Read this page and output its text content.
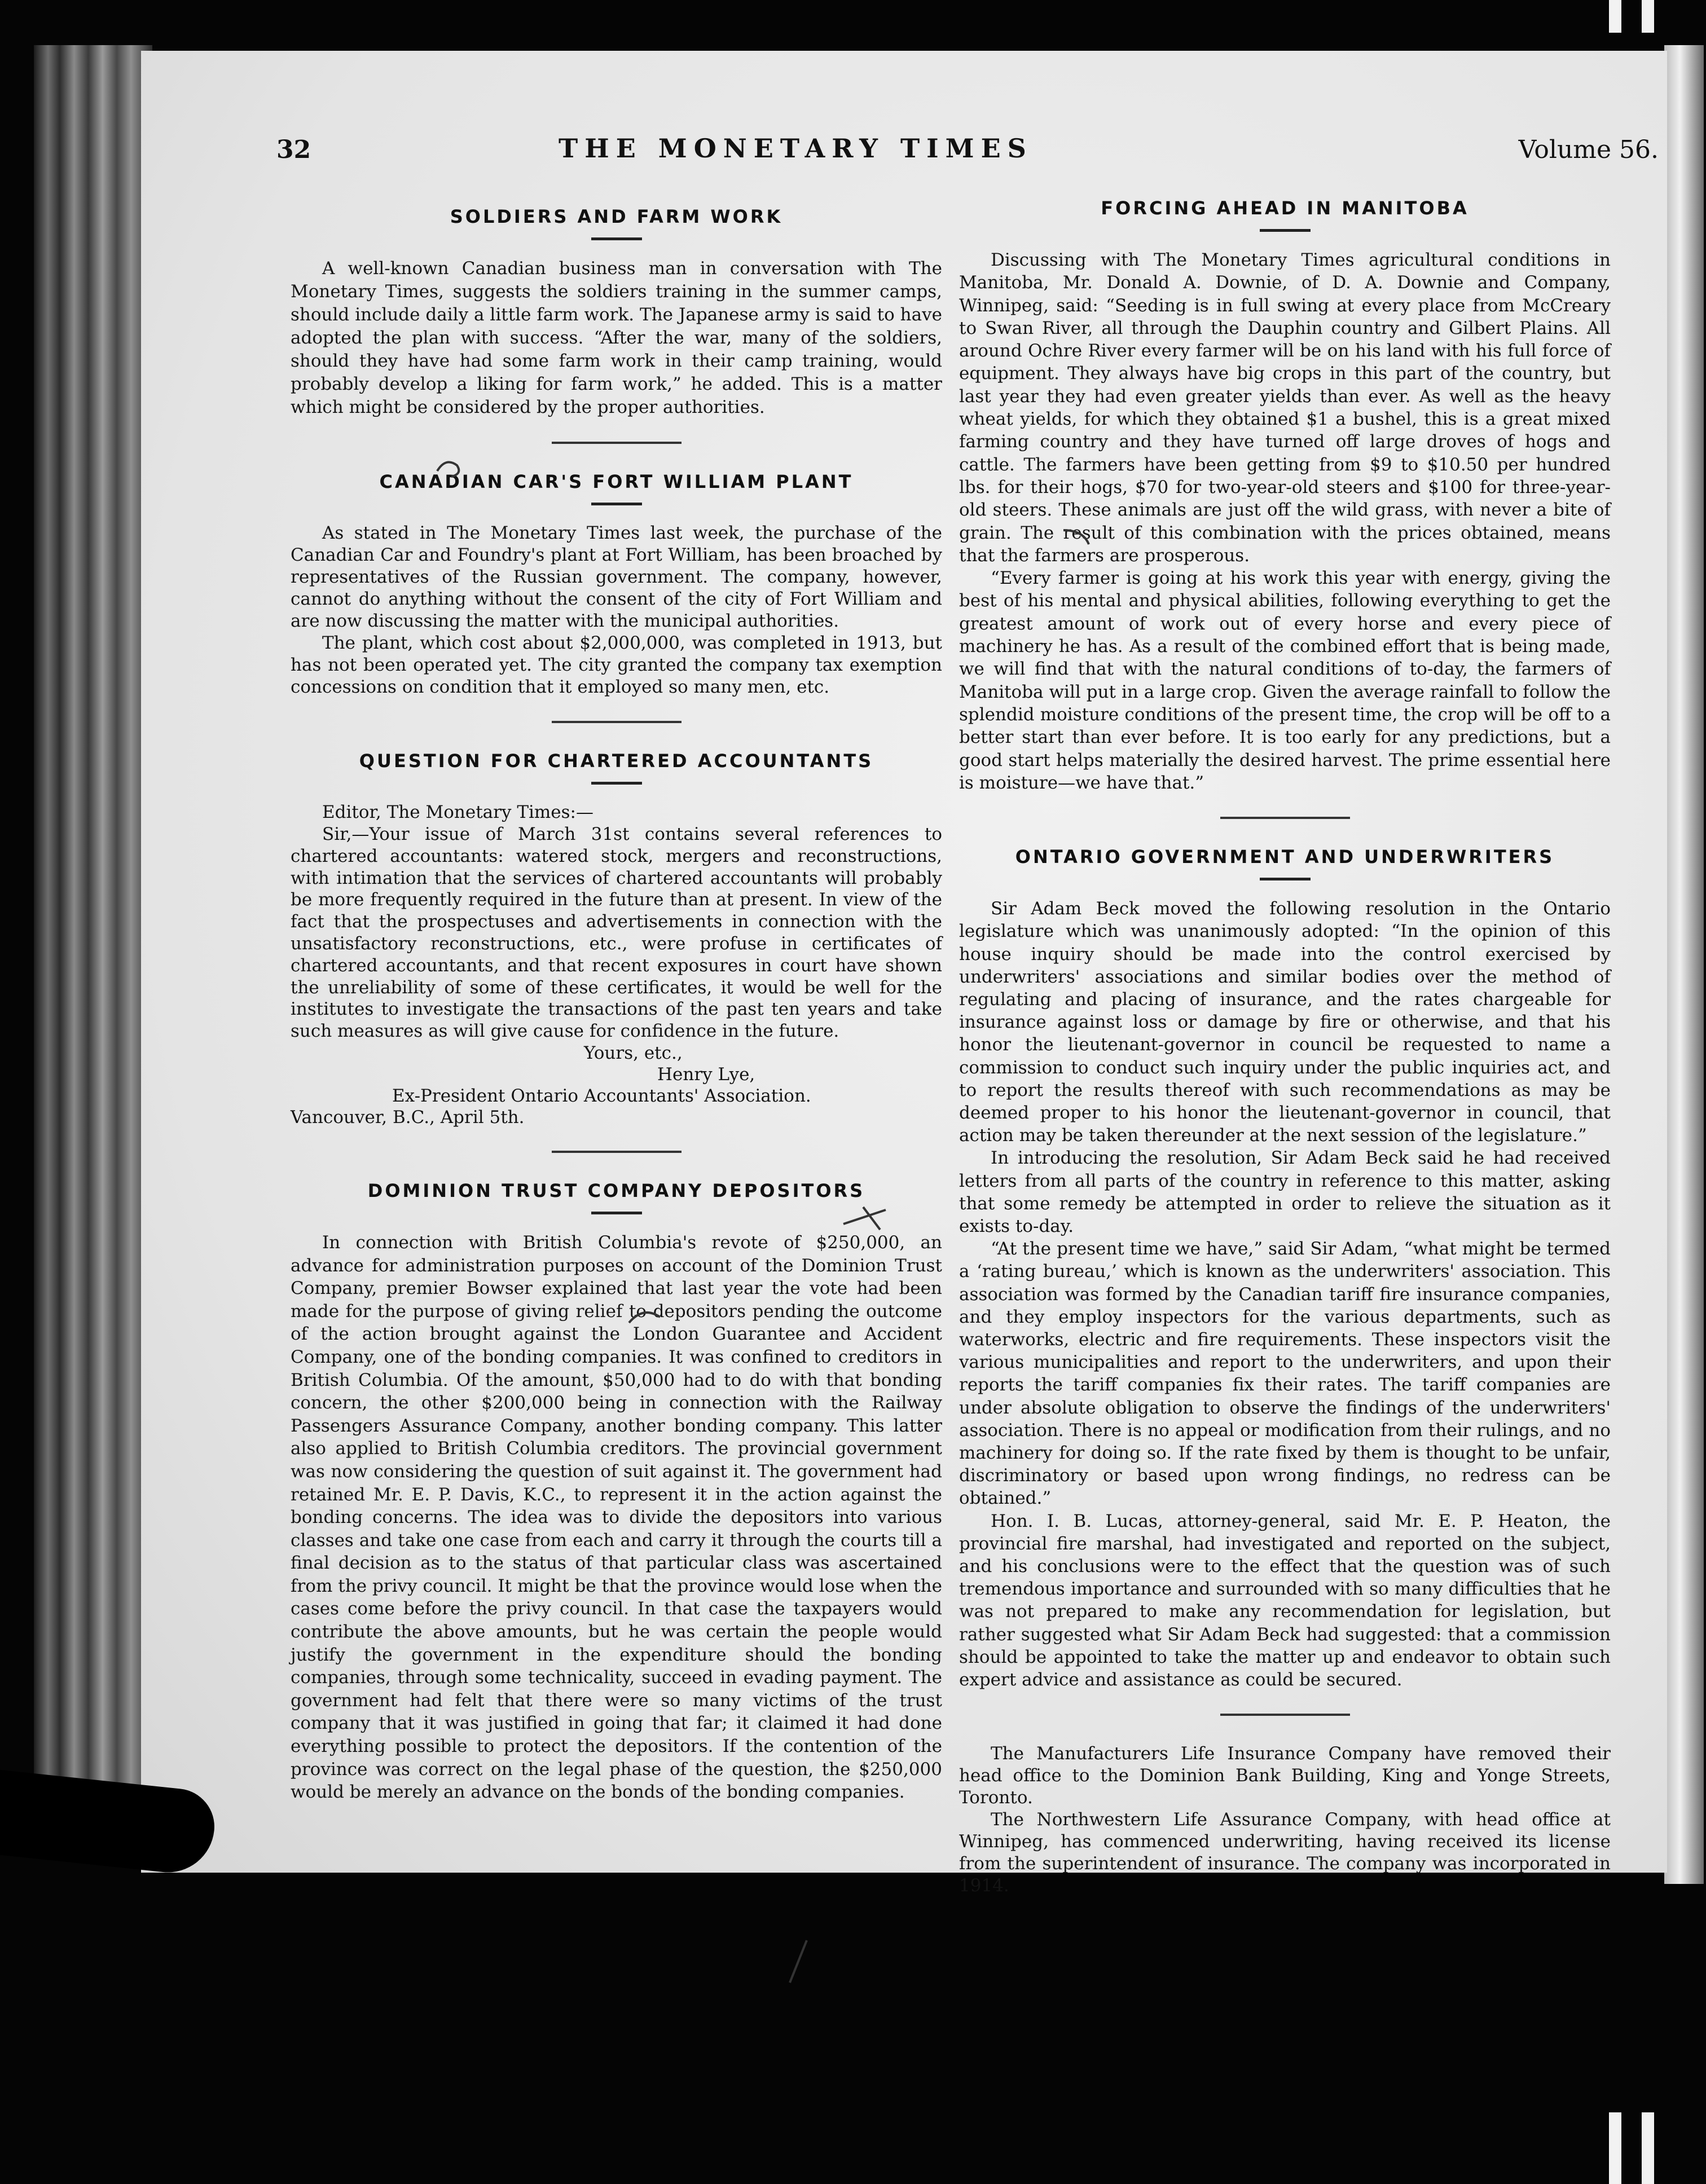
32	THE MONETARY TIMES	Volume 56.
SOLDIERS AND FARM WORK

A well-known Canadian business man in conversation with The Monetary Times, suggests the soldiers training in the summer camps, should include daily a little farm work. The Japanese army is said to have adopted the plan with success. “After the war, many of the soldiers, should they have had some farm work in their camp training, would probably develop a liking for farm work,” he added. This is a matter which might be considered by the proper authorities.

CANADIAN CAR'S FORT WILLIAM PLANT

As stated in The Monetary Times last week, the purchase of the Canadian Car and Foundry's plant at Fort William, has been broached by representatives of the Russian government. The company, however, cannot do anything without the consent of the city of Fort William and are now discussing the matter with the municipal authorities.

The plant, which cost about $2,000,000, was completed in 1913, but has not been operated yet. The city granted the company tax exemption concessions on condition that it employed so many men, etc.

QUESTION FOR CHARTERED ACCOUNTANTS

Editor, The Monetary Times:—

Sir,—Your issue of March 31st contains several references to chartered accountants: watered stock, mergers and reconstructions, with intimation that the services of chartered accountants will probably be more frequently required in the future than at present. In view of the fact that the prospectuses and advertisements in connection with the unsatisfactory reconstructions, etc., were profuse in certificates of chartered accountants, and that recent exposures in court have shown the unreliability of some of these certificates, it would be well for the institutes to investigate the transactions of the past ten years and take such measures as will give cause for confidence in the future.

Yours, etc.,

Henry Lye,

Ex-President Ontario Accountants' Association.

Vancouver, B.C., April 5th.

DOMINION TRUST COMPANY DEPOSITORS

In connection with British Columbia's revote of $250,000, an advance for administration purposes on account of the Dominion Trust Company, premier Bowser explained that last year the vote had been made for the purpose of giving relief to depositors pending the outcome of the action brought against the London Guarantee and Accident Company, one of the bonding companies. It was confined to creditors in British Columbia. Of the amount, $50,000 had to do with that bonding concern, the other $200,000 being in connection with the Railway Passengers Assurance Company, another bonding company. This latter also applied to British Columbia creditors. The provincial government was now considering the question of suit against it. The government had retained Mr. E. P. Davis, K.C., to represent it in the action against the bonding concerns. The idea was to divide the depositors into various classes and take one case from each and carry it through the courts till a final decision as to the status of that particular class was ascertained from the privy council. It might be that the province would lose when the cases come before the privy council. In that case the taxpayers would contribute the above amounts, but he was certain the people would justify the government in the expenditure should the bonding companies, through some technicality, succeed in evading payment. The government had felt that there were so many victims of the trust company that it was justified in going that far; it claimed it had done everything possible to protect the depositors. If the contention of the province was correct on the legal phase of the question, the $250,000 would be merely an advance on the bonds of the bonding companies.

FORCING AHEAD IN MANITOBA

Discussing with The Monetary Times agricultural conditions in Manitoba, Mr. Donald A. Downie, of D. A. Downie and Company, Winnipeg, said: “Seeding is in full swing at every place from McCreary to Swan River, all through the Dauphin country and Gilbert Plains. All around Ochre River every farmer will be on his land with his full force of equipment. They always have big crops in this part of the country, but last year they had even greater yields than ever. As well as the heavy wheat yields, for which they obtained $1 a bushel, this is a great mixed farming country and they have turned off large droves of hogs and cattle. The farmers have been getting from $9 to $10.50 per hundred lbs. for their hogs, $70 for two-year-old steers and $100 for three-year-old steers. These animals are just off the wild grass, with never a bite of grain. The result of this combination with the prices obtained, means that the farmers are prosperous.

“Every farmer is going at his work this year with energy, giving the best of his mental and physical abilities, following everything to get the greatest amount of work out of every horse and every piece of machinery he has. As a result of the combined effort that is being made, we will find that with the natural conditions of to-day, the farmers of Manitoba will put in a large crop. Given the average rainfall to follow the splendid moisture conditions of the present time, the crop will be off to a better start than ever before. It is too early for any predictions, but a good start helps materially the desired harvest. The prime essential here is moisture—we have that.”

ONTARIO GOVERNMENT AND UNDERWRITERS

Sir Adam Beck moved the following resolution in the Ontario legislature which was unanimously adopted: “In the opinion of this house inquiry should be made into the control exercised by underwriters' associations and similar bodies over the method of regulating and placing of insurance, and the rates chargeable for insurance against loss or damage by fire or otherwise, and that his honor the lieutenant-governor in council be requested to name a commission to conduct such inquiry under the public inquiries act, and to report the results thereof with such recommendations as may be deemed proper to his honor the lieutenant-governor in council, that action may be taken thereunder at the next session of the legislature.”

In introducing the resolution, Sir Adam Beck said he had received letters from all parts of the country in reference to this matter, asking that some remedy be attempted in order to relieve the situation as it exists to-day.

“At the present time we have,” said Sir Adam, “what might be termed a ‘rating bureau,’ which is known as the underwriters' association. This association was formed by the Canadian tariff fire insurance companies, and they employ inspectors for the various departments, such as waterworks, electric and fire requirements. These inspectors visit the various municipalities and report to the underwriters, and upon their reports the tariff companies fix their rates. The tariff companies are under absolute obligation to observe the findings of the underwriters' association. There is no appeal or modification from their rulings, and no machinery for doing so. If the rate fixed by them is thought to be unfair, discriminatory or based upon wrong findings, no redress can be obtained.”

Hon. I. B. Lucas, attorney-general, said Mr. E. P. Heaton, the provincial fire marshal, had investigated and reported on the subject, and his conclusions were to the effect that the question was of such tremendous importance and surrounded with so many difficulties that he was not prepared to make any recommendation for legislation, but rather suggested what Sir Adam Beck had suggested: that a commission should be appointed to take the matter up and endeavor to obtain such expert advice and assistance as could be secured.

The Manufacturers Life Insurance Company have removed their head office to the Dominion Bank Building, King and Yonge Streets, Toronto.

The Northwestern Life Assurance Company, with head office at Winnipeg, has commenced underwriting, having received its license from the superintendent of insurance. The company was incorporated in 1914.
